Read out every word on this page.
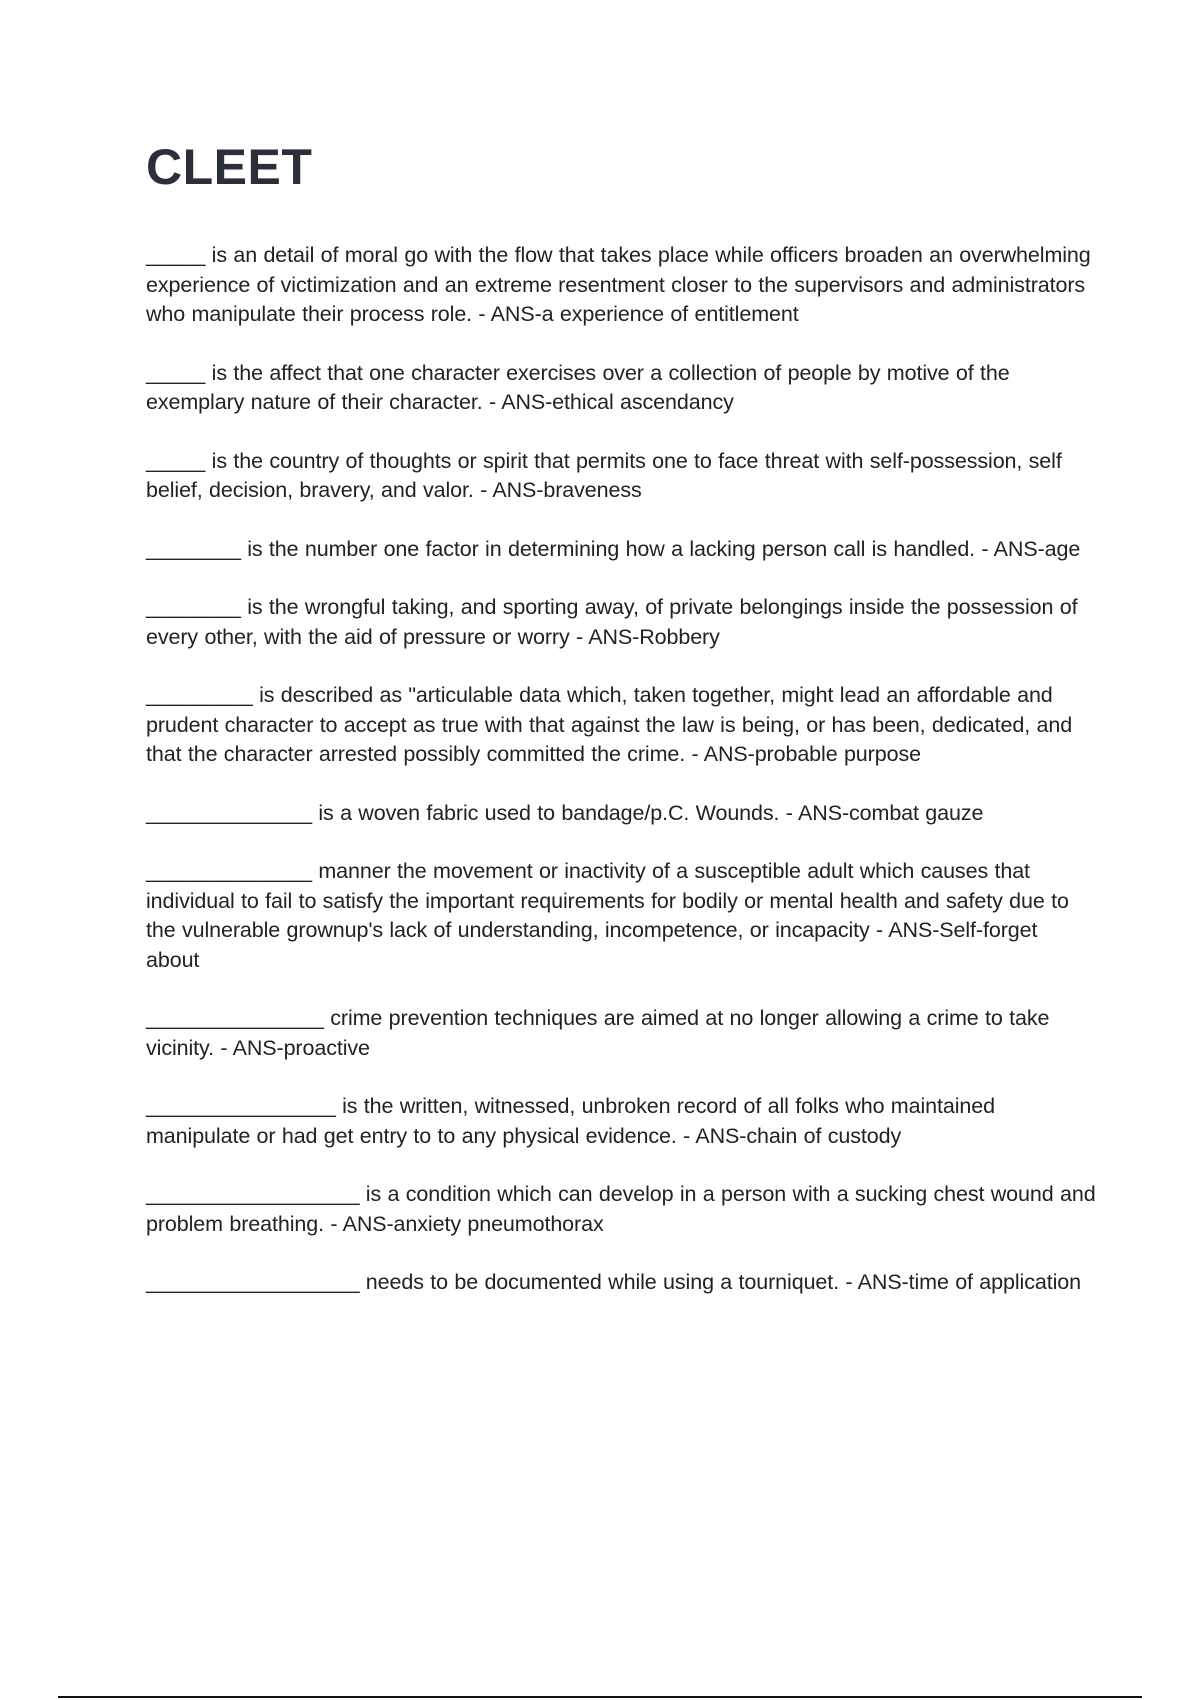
CLEET

_____ is an detail of moral go with the flow that takes place while officers broaden an overwhelming experience of victimization and an extreme resentment closer to the supervisors and administrators who manipulate their process role. - ANS-a experience of entitlement

_____ is the affect that one character exercises over a collection of people by motive of the exemplary nature of their character. - ANS-ethical ascendancy

_____ is the country of thoughts or spirit that permits one to face threat with self-possession, self belief, decision, bravery, and valor. - ANS-braveness

________ is the number one factor in determining how a lacking person call is handled. - ANS-age

________ is the wrongful taking, and sporting away, of private belongings inside the possession of every other, with the aid of pressure or worry - ANS-Robbery

_________ is described as "articulable data which, taken together, might lead an affordable and prudent character to accept as true with that against the law is being, or has been, dedicated, and that the character arrested possibly committed the crime. - ANS-probable purpose

______________ is a woven fabric used to bandage/p.C. Wounds. - ANS-combat gauze

______________ manner the movement or inactivity of a susceptible adult which causes that individual to fail to satisfy the important requirements for bodily or mental health and safety due to the vulnerable grownup's lack of understanding, incompetence, or incapacity - ANS-Self-forget about

_______________ crime prevention techniques are aimed at no longer allowing a crime to take vicinity. - ANS-proactive

________________ is the written, witnessed, unbroken record of all folks who maintained manipulate or had get entry to to any physical evidence. - ANS-chain of custody

__________________ is a condition which can develop in a person with a sucking chest wound and problem breathing. - ANS-anxiety pneumothorax

__________________ needs to be documented while using a tourniquet. - ANS-time of application
